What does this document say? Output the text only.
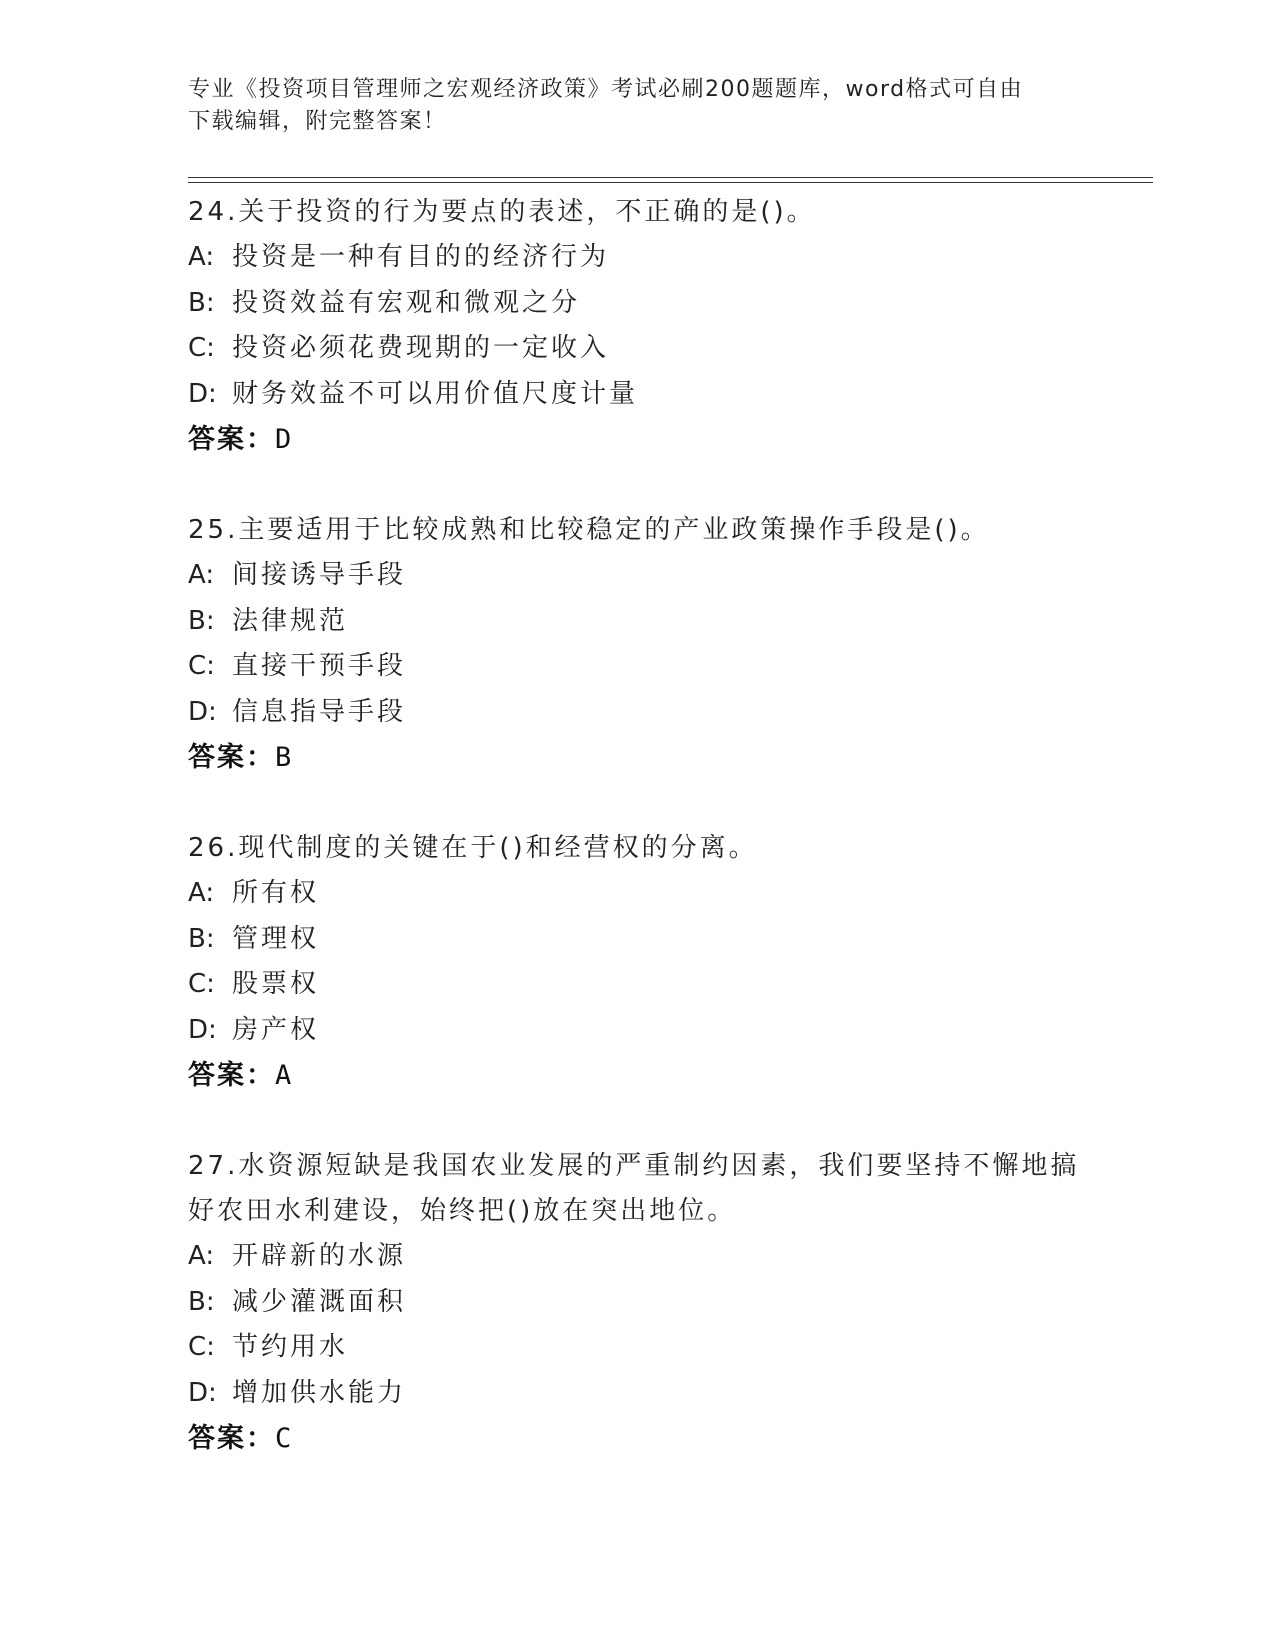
专业《投资项目管理师之宏观经济政策》考试必刷200题题库，word格式可自由
下载编辑，附完整答案！
24.关于投资的行为要点的表述，不正确的是()。
A: 投资是一种有目的的经济行为
B: 投资效益有宏观和微观之分
C: 投资必须花费现期的一定收入
D: 财务效益不可以用价值尺度计量
答案：D
25.主要适用于比较成熟和比较稳定的产业政策操作手段是()。
A: 间接诱导手段
B: 法律规范
C: 直接干预手段
D: 信息指导手段
答案：B
26.现代制度的关键在于()和经营权的分离。
A: 所有权
B: 管理权
C: 股票权
D: 房产权
答案：A
27.水资源短缺是我国农业发展的严重制约因素，我们要坚持不懈地搞
好农田水利建设，始终把()放在突出地位。
A: 开辟新的水源
B: 减少灌溉面积
C: 节约用水
D: 增加供水能力
答案：C
